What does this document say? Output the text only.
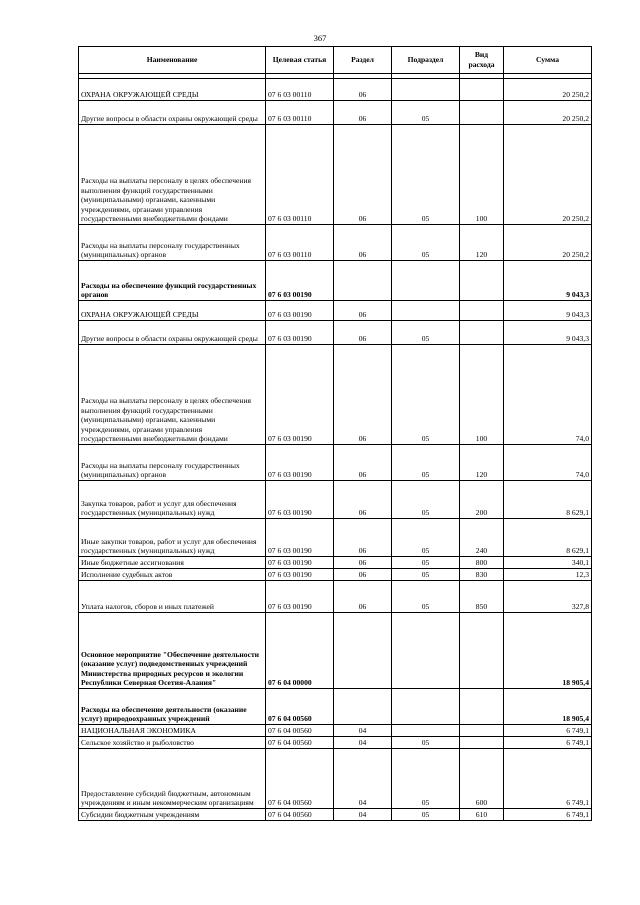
367
Наименование	Целевая статья	Раздел	Подраздел	Вид расхода	Сумма

ОХРАНА ОКРУЖАЮЩЕЙ СРЕДЫ	07 6 03 00110	06			20 250,2
Другие вопросы в области охраны окружающей среды	07 6 03 00110	06	05		20 250,2
Расходы на выплаты персоналу в целях обеспечения выполнения функций государственными (муниципальными) органами, казенными учреждениями, органами управления государственными внебюджетными фондами	07 6 03 00110	06	05	100	20 250,2
Расходы на выплаты персоналу государственных (муниципальных) органов	07 6 03 00110	06	05	120	20 250,2
Расходы на обеспечение функций государственных органов	07 6 03 00190				9 043,3
ОХРАНА ОКРУЖАЮЩЕЙ СРЕДЫ	07 6 03 00190	06			9 043,3
Другие вопросы в области охраны окружающей среды	07 6 03 00190	06	05		9 043,3
Расходы на выплаты персоналу в целях обеспечения выполнения функций государственными (муниципальными) органами, казенными учреждениями, органами управления государственными внебюджетными фондами	07 6 03 00190	06	05	100	74,0
Расходы на выплаты персоналу государственных (муниципальных) органов	07 6 03 00190	06	05	120	74,0
Закупка товаров, работ и услуг для обеспечения государственных (муниципальных) нужд	07 6 03 00190	06	05	200	8 629,1
Иные закупки товаров, работ и услуг для обеспечения государственных (муниципальных) нужд	07 6 03 00190	06	05	240	8 629,1
Иные бюджетные ассигнования	07 6 03 00190	06	05	800	340,1
Исполнение судебных актов	07 6 03 00190	06	05	830	12,3
Уплата налогов, сборов и иных платежей	07 6 03 00190	06	05	850	327,8
Основное мероприятие "Обеспечение деятельности (оказание услуг) подведомственных учреждений Министерства природных ресурсов и экологии Республики Северная Осетия-Алания"	07 6 04 00000				18 905,4
Расходы на обеспечение деятельности (оказание услуг) природоохранных учреждений	07 6 04 00560				18 905,4
НАЦИОНАЛЬНАЯ ЭКОНОМИКА	07 6 04 00560	04			6 749,1
Сельское хозяйство и рыболовство	07 6 04 00560	04	05		6 749,1
Предоставление субсидий бюджетным, автономным учреждениям и иным некоммерческим организациям	07 6 04 00560	04	05	600	6 749,1
Субсидии бюджетным учреждениям	07 6 04 00560	04	05	610	6 749,1
